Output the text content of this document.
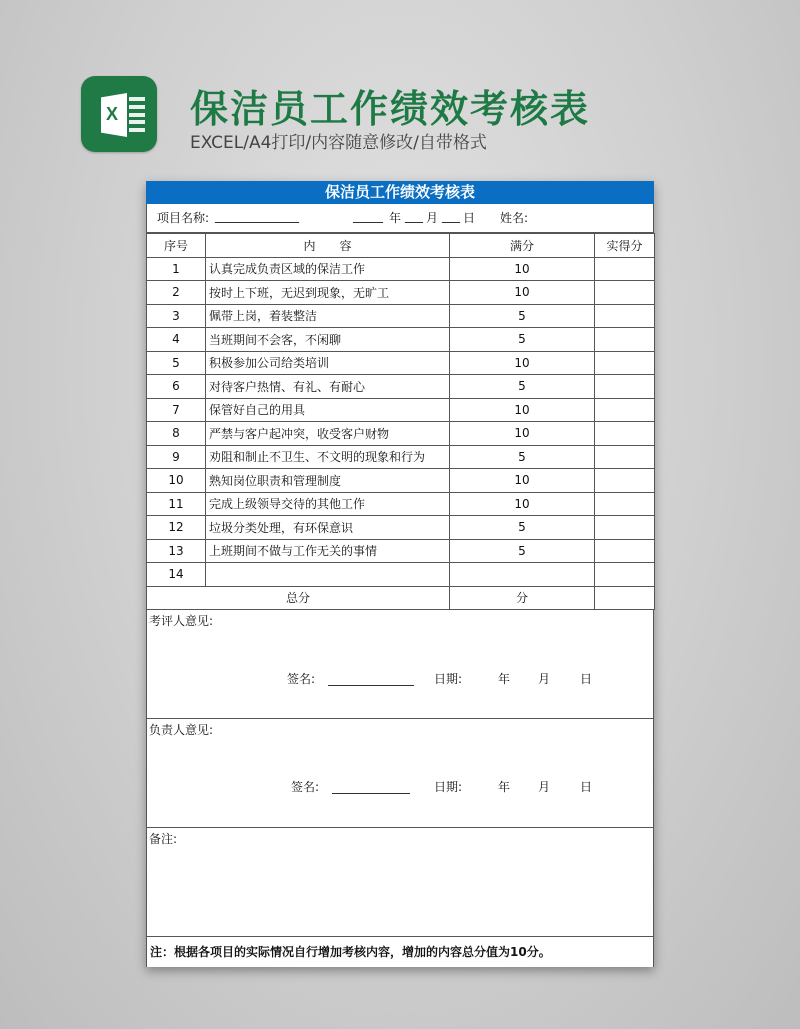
X 保洁员工作绩效考核表
EXCEL/A4打印/内容随意修改/自带格式
保洁员工作绩效考核表
项目名称: ______________	_____ 年 ___ 月 ___ 日 姓名:
序号	内　　容	满分	实得分
1	认真完成负责区域的保洁工作	10	
2	按时上下班，无迟到现象，无旷工	10	
3	佩带上岗，着装整洁	5	
4	当班期间不会客，不闲聊	5	
5	积极参加公司给类培训	10	
6	对待客户热情、有礼、有耐心	5	
7	保管好自己的用具	10	
8	严禁与客户起冲突，收受客户财物	10	
9	劝阻和制止不卫生、不文明的现象和行为	5	
10	熟知岗位职责和管理制度	10	
11	完成上级领导交待的其他工作	10	
12	垃圾分类处理，有环保意识	5	
13	上班期间不做与工作无关的事情	5	
14			
总分		分	
考评人意见:
签名:	日期:	年 月 日
负责人意见:
签名:	日期:	年 月 日
备注:
注：根据各项目的实际情况自行增加考核内容，增加的内容总分值为10分。
